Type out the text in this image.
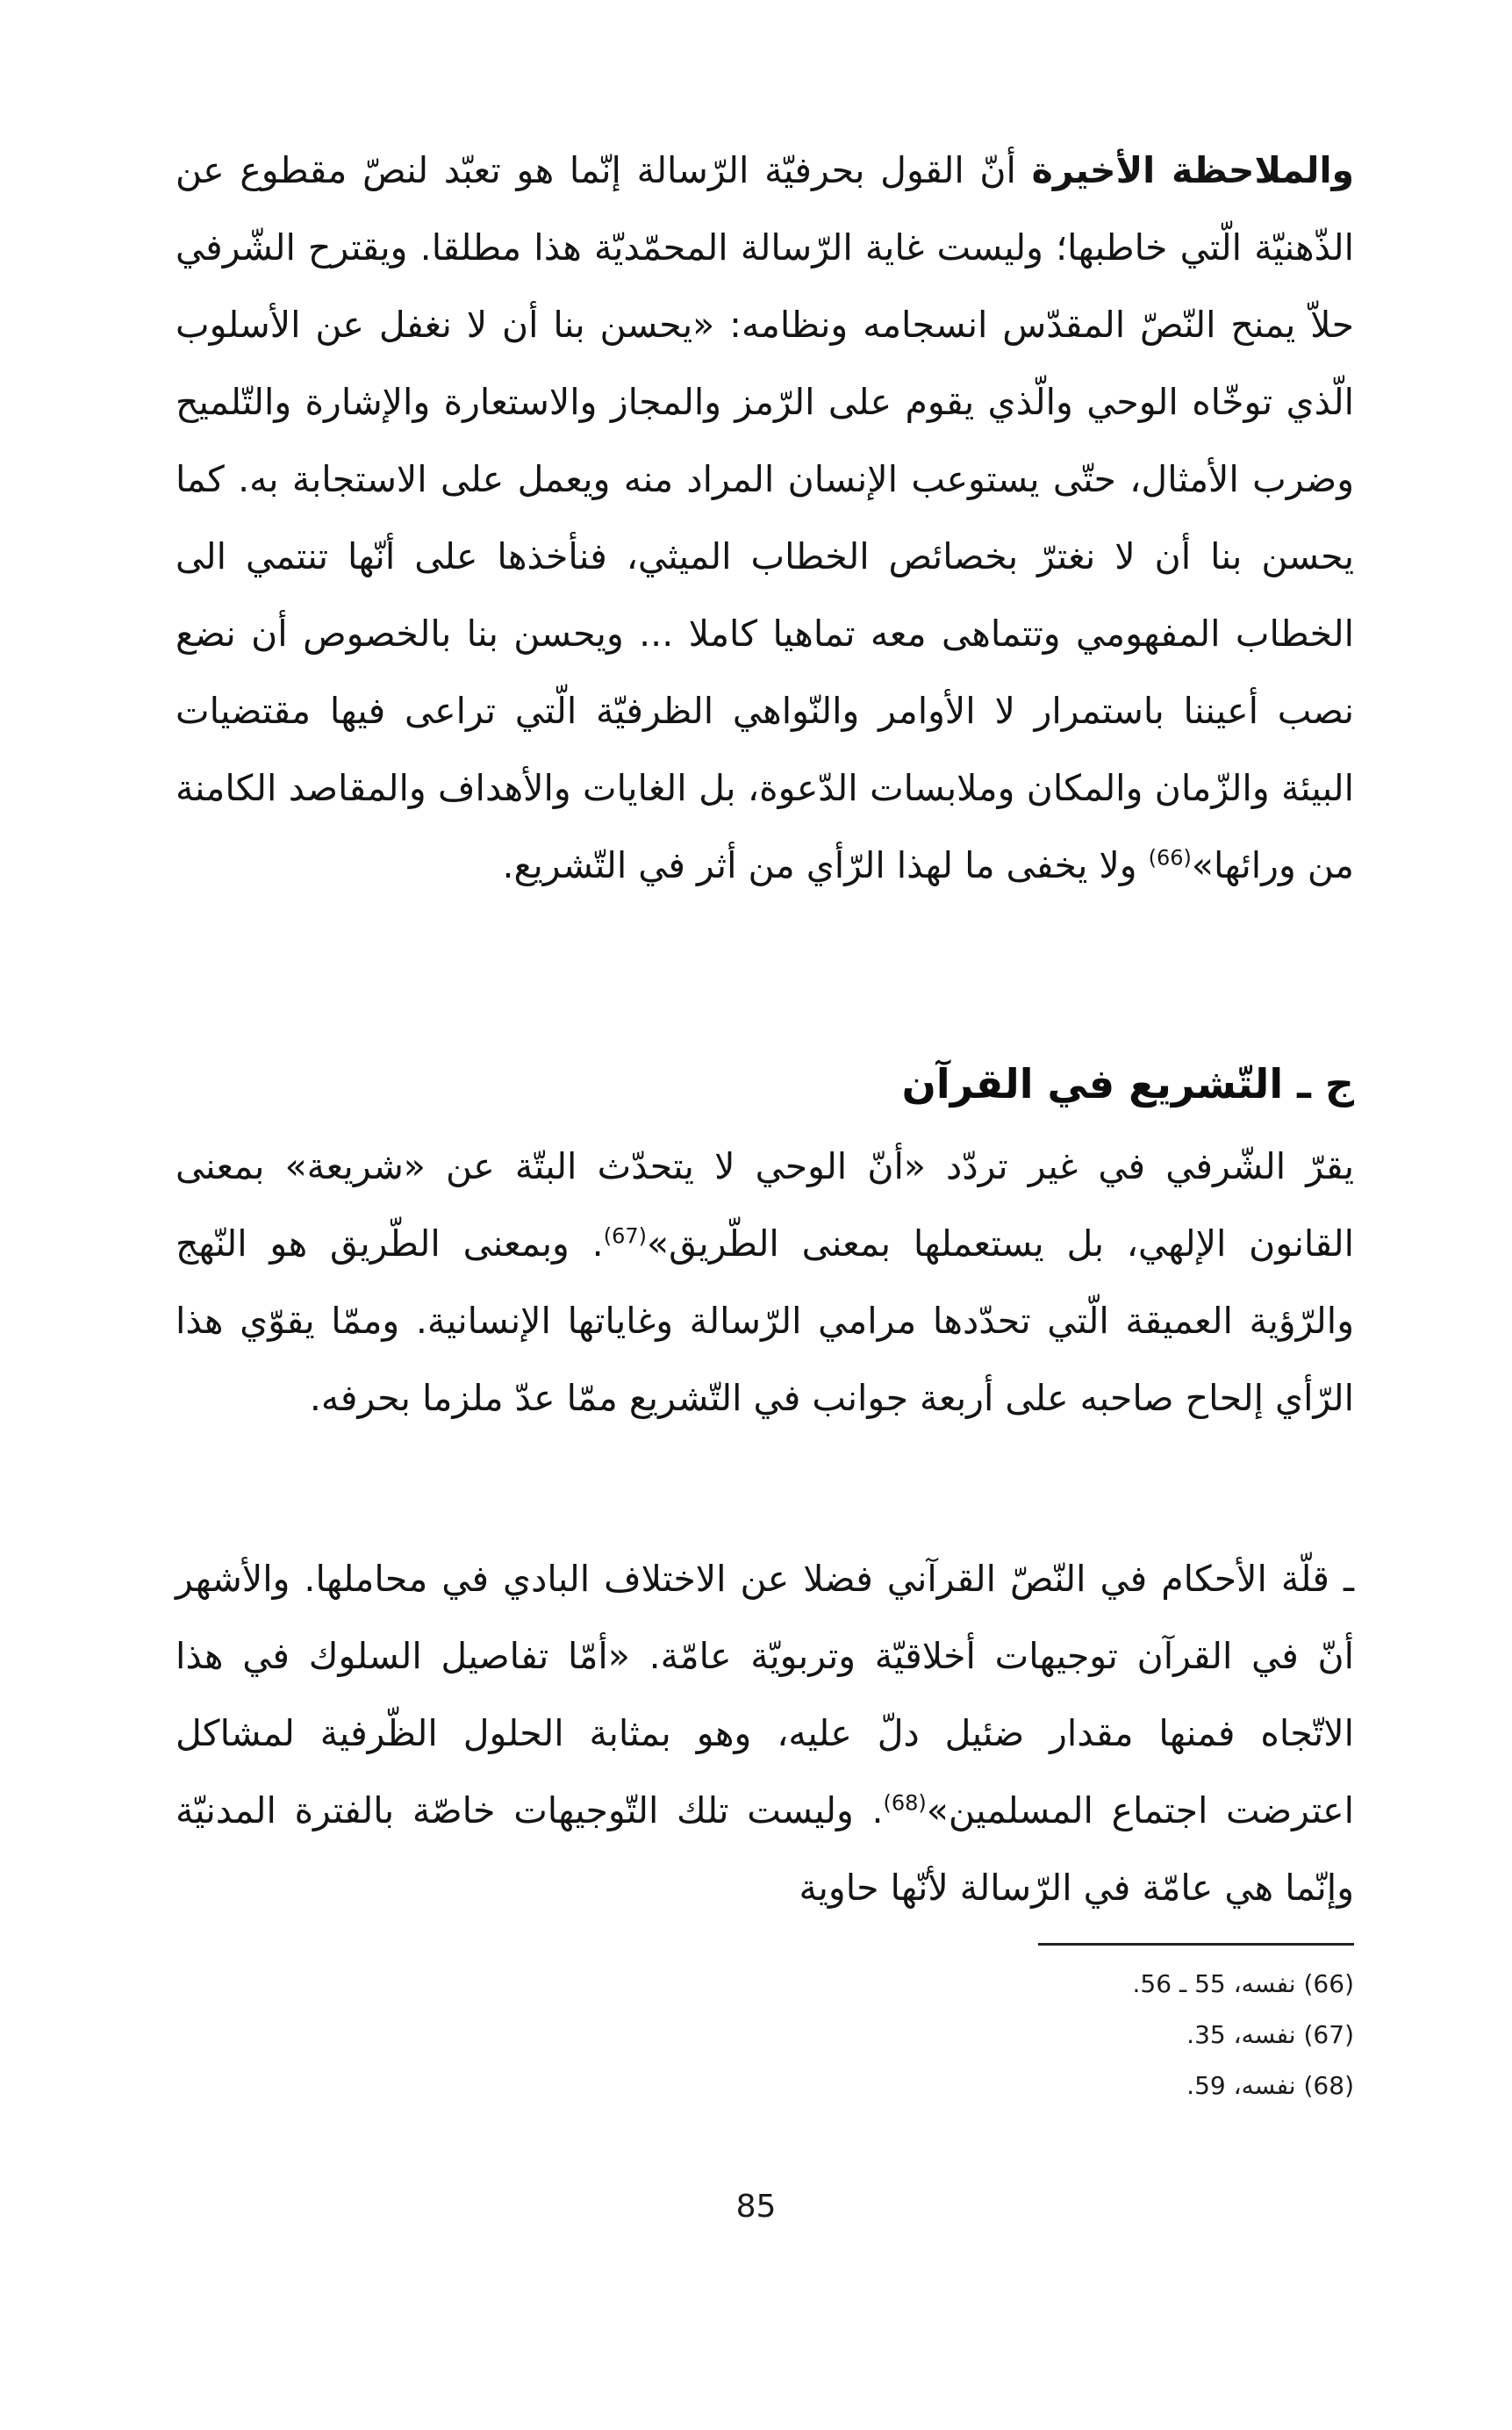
والملاحظة الأخيرة أنّ القول بحرفيّة الرّسالة إنّما هو تعبّد لنصّ مقطوع عن الذّهنيّة الّتي خاطبها؛ وليست غاية الرّسالة المحمّديّة هذا مطلقا. ويقترح الشّرفي حلاّ يمنح النّصّ المقدّس انسجامه ونظامه: «يحسن بنا أن لا نغفل عن الأسلوب الّذي توخّاه الوحي والّذي يقوم على الرّمز والمجاز والاستعارة والإشارة والتّلميح وضرب الأمثال، حتّى يستوعب الإنسان المراد منه ويعمل على الاستجابة به. كما يحسن بنا أن لا نغترّ بخصائص الخطاب الميثي، فنأخذها على أنّها تنتمي الى الخطاب المفهومي وتتماهى معه تماهيا كاملا ... ويحسن بنا بالخصوص أن نضع نصب أعيننا باستمرار لا الأوامر والنّواهي الظرفيّة الّتي تراعى فيها مقتضيات البيئة والزّمان والمكان وملابسات الدّعوة، بل الغايات والأهداف والمقاصد الكامنة من ورائها»$^{(66)}$ ولا يخفى ما لهذا الرّأي من أثر في التّشريع.

ج ـ التّشريع في القرآن

يقرّ الشّرفي في غير تردّد «أنّ الوحي لا يتحدّث البتّة عن «شريعة» بمعنى القانون الإلهي، بل يستعملها بمعنى الطّريق»$^{(67)}$. وبمعنى الطّريق هو النّهج والرّؤية العميقة الّتي تحدّدها مرامي الرّسالة وغاياتها الإنسانية. وممّا يقوّي هذا الرّأي إلحاح صاحبه على أربعة جوانب في التّشريع ممّا عدّ ملزما بحرفه.

ـ قلّة الأحكام في النّصّ القرآني فضلا عن الاختلاف البادي في محاملها. والأشهر أنّ في القرآن توجيهات أخلاقيّة وتربويّة عامّة. «أمّا تفاصيل السلوك في هذا الاتّجاه فمنها مقدار ضئيل دلّ عليه، وهو بمثابة الحلول الظّرفية لمشاكل اعترضت اجتماع المسلمين»$^{(68)}$. وليست تلك التّوجيهات خاصّة بالفترة المدنيّة وإنّما هي عامّة في الرّسالة لأنّها حاوية

(66) نفسه، 55 ـ 56.
(67) نفسه، 35.
(68) نفسه، 59.
85
